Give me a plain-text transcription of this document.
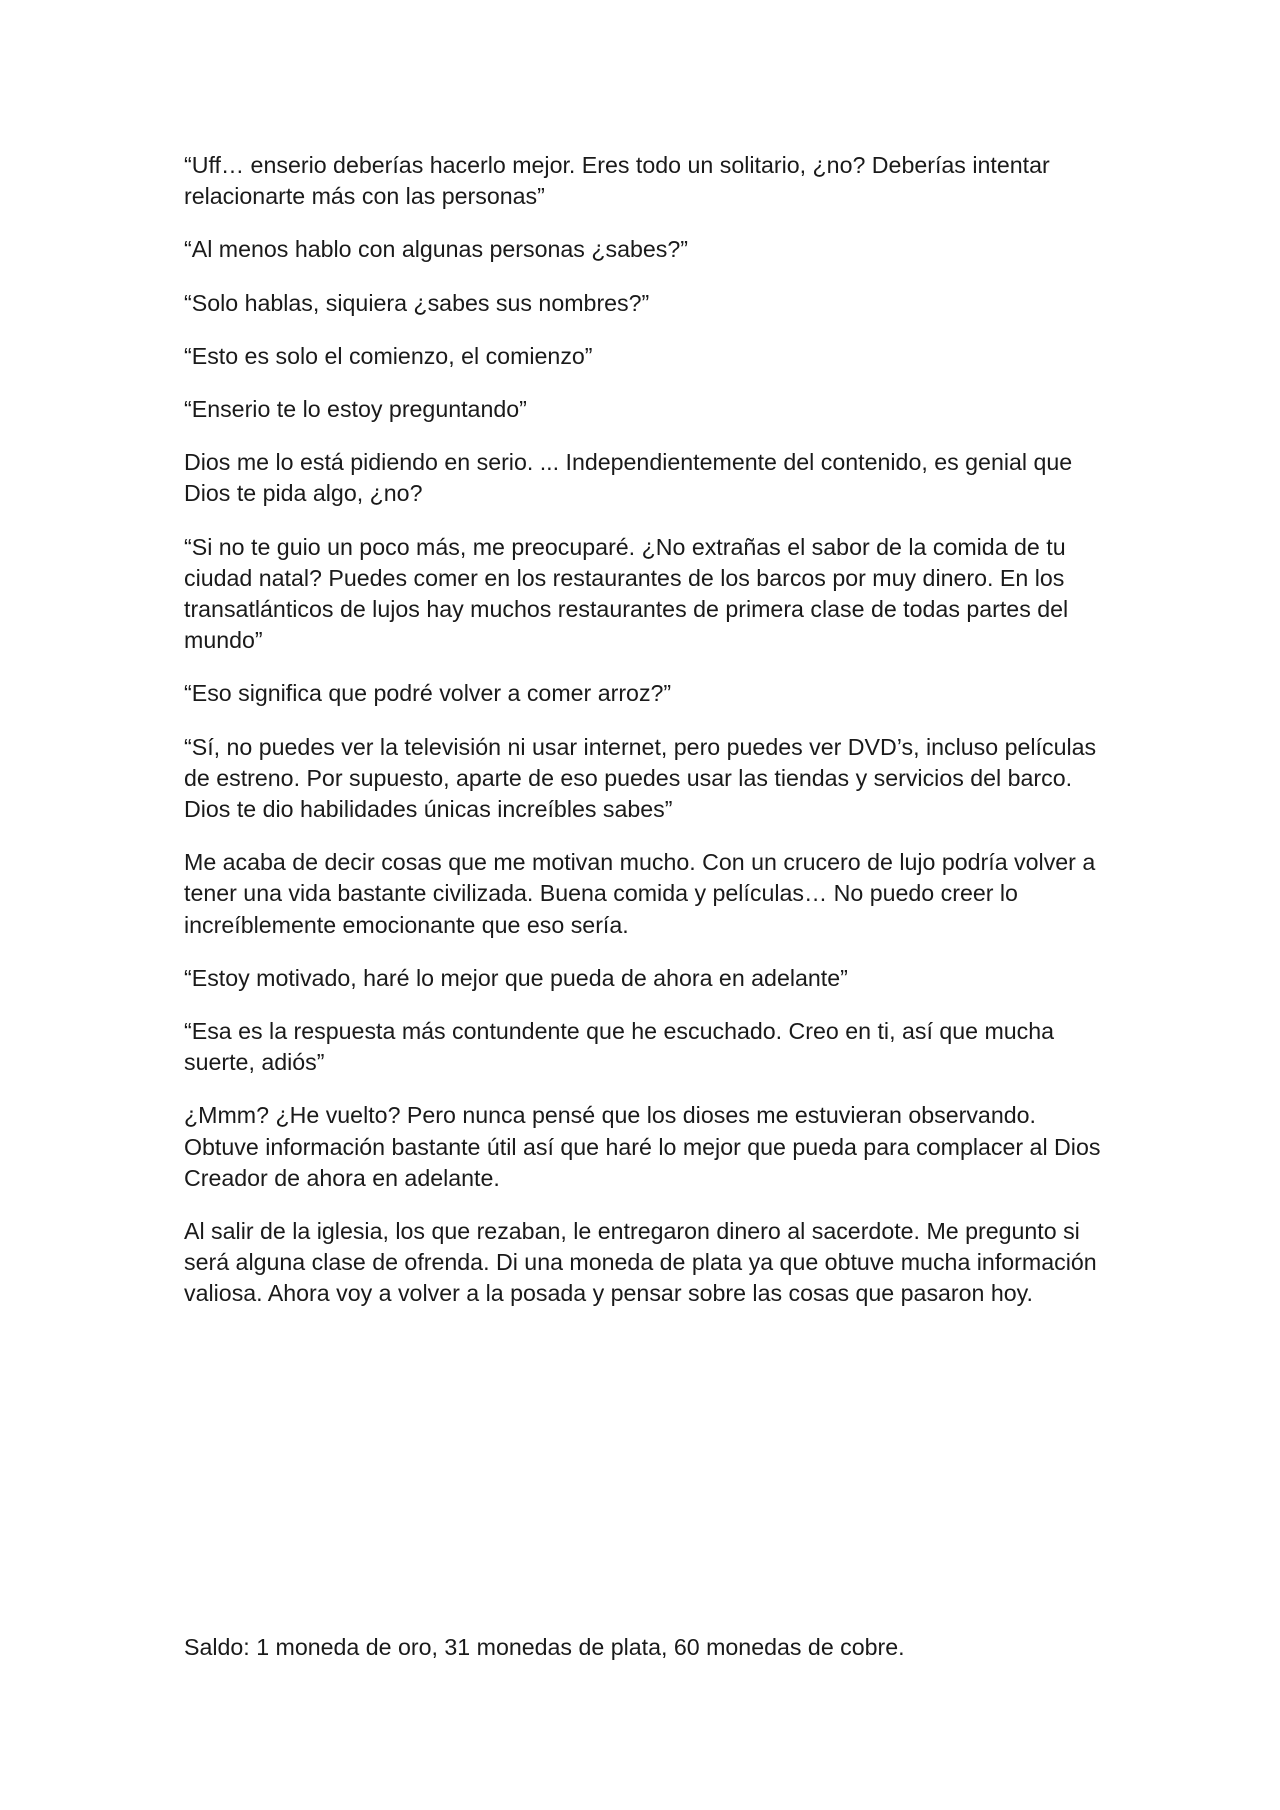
“Uff… enserio deberías hacerlo mejor. Eres todo un solitario, ¿no? Deberías intentar relacionarte más con las personas”

“Al menos hablo con algunas personas ¿sabes?”

“Solo hablas, siquiera ¿sabes sus nombres?”

“Esto es solo el comienzo, el comienzo”

“Enserio te lo estoy preguntando”

Dios me lo está pidiendo en serio. ... Independientemente del contenido, es genial que Dios te pida algo, ¿no?

“Si no te guio un poco más, me preocuparé. ¿No extrañas el sabor de la comida de tu ciudad natal? Puedes comer en los restaurantes de los barcos por muy dinero. En los transatlánticos de lujos hay muchos restaurantes de primera clase de todas partes del mundo”

“Eso significa que podré volver a comer arroz?”

“Sí, no puedes ver la televisión ni usar internet, pero puedes ver DVD’s, incluso películas de estreno. Por supuesto, aparte de eso puedes usar las tiendas y servicios del barco. Dios te dio habilidades únicas increíbles sabes”

Me acaba de decir cosas que me motivan mucho. Con un crucero de lujo podría volver a tener una vida bastante civilizada. Buena comida y películas… No puedo creer lo increíblemente emocionante que eso sería.

“Estoy motivado, haré lo mejor que pueda de ahora en adelante”

“Esa es la respuesta más contundente que he escuchado. Creo en ti, así que mucha suerte, adiós”

¿Mmm? ¿He vuelto? Pero nunca pensé que los dioses me estuvieran observando. Obtuve información bastante útil así que haré lo mejor que pueda para complacer al Dios Creador de ahora en adelante.

Al salir de la iglesia, los que rezaban, le entregaron dinero al sacerdote. Me pregunto si será alguna clase de ofrenda. Di una moneda de plata ya que obtuve mucha información valiosa. Ahora voy a volver a la posada y pensar sobre las cosas que pasaron hoy.

Saldo: 1 moneda de oro, 31 monedas de plata, 60 monedas de cobre.
